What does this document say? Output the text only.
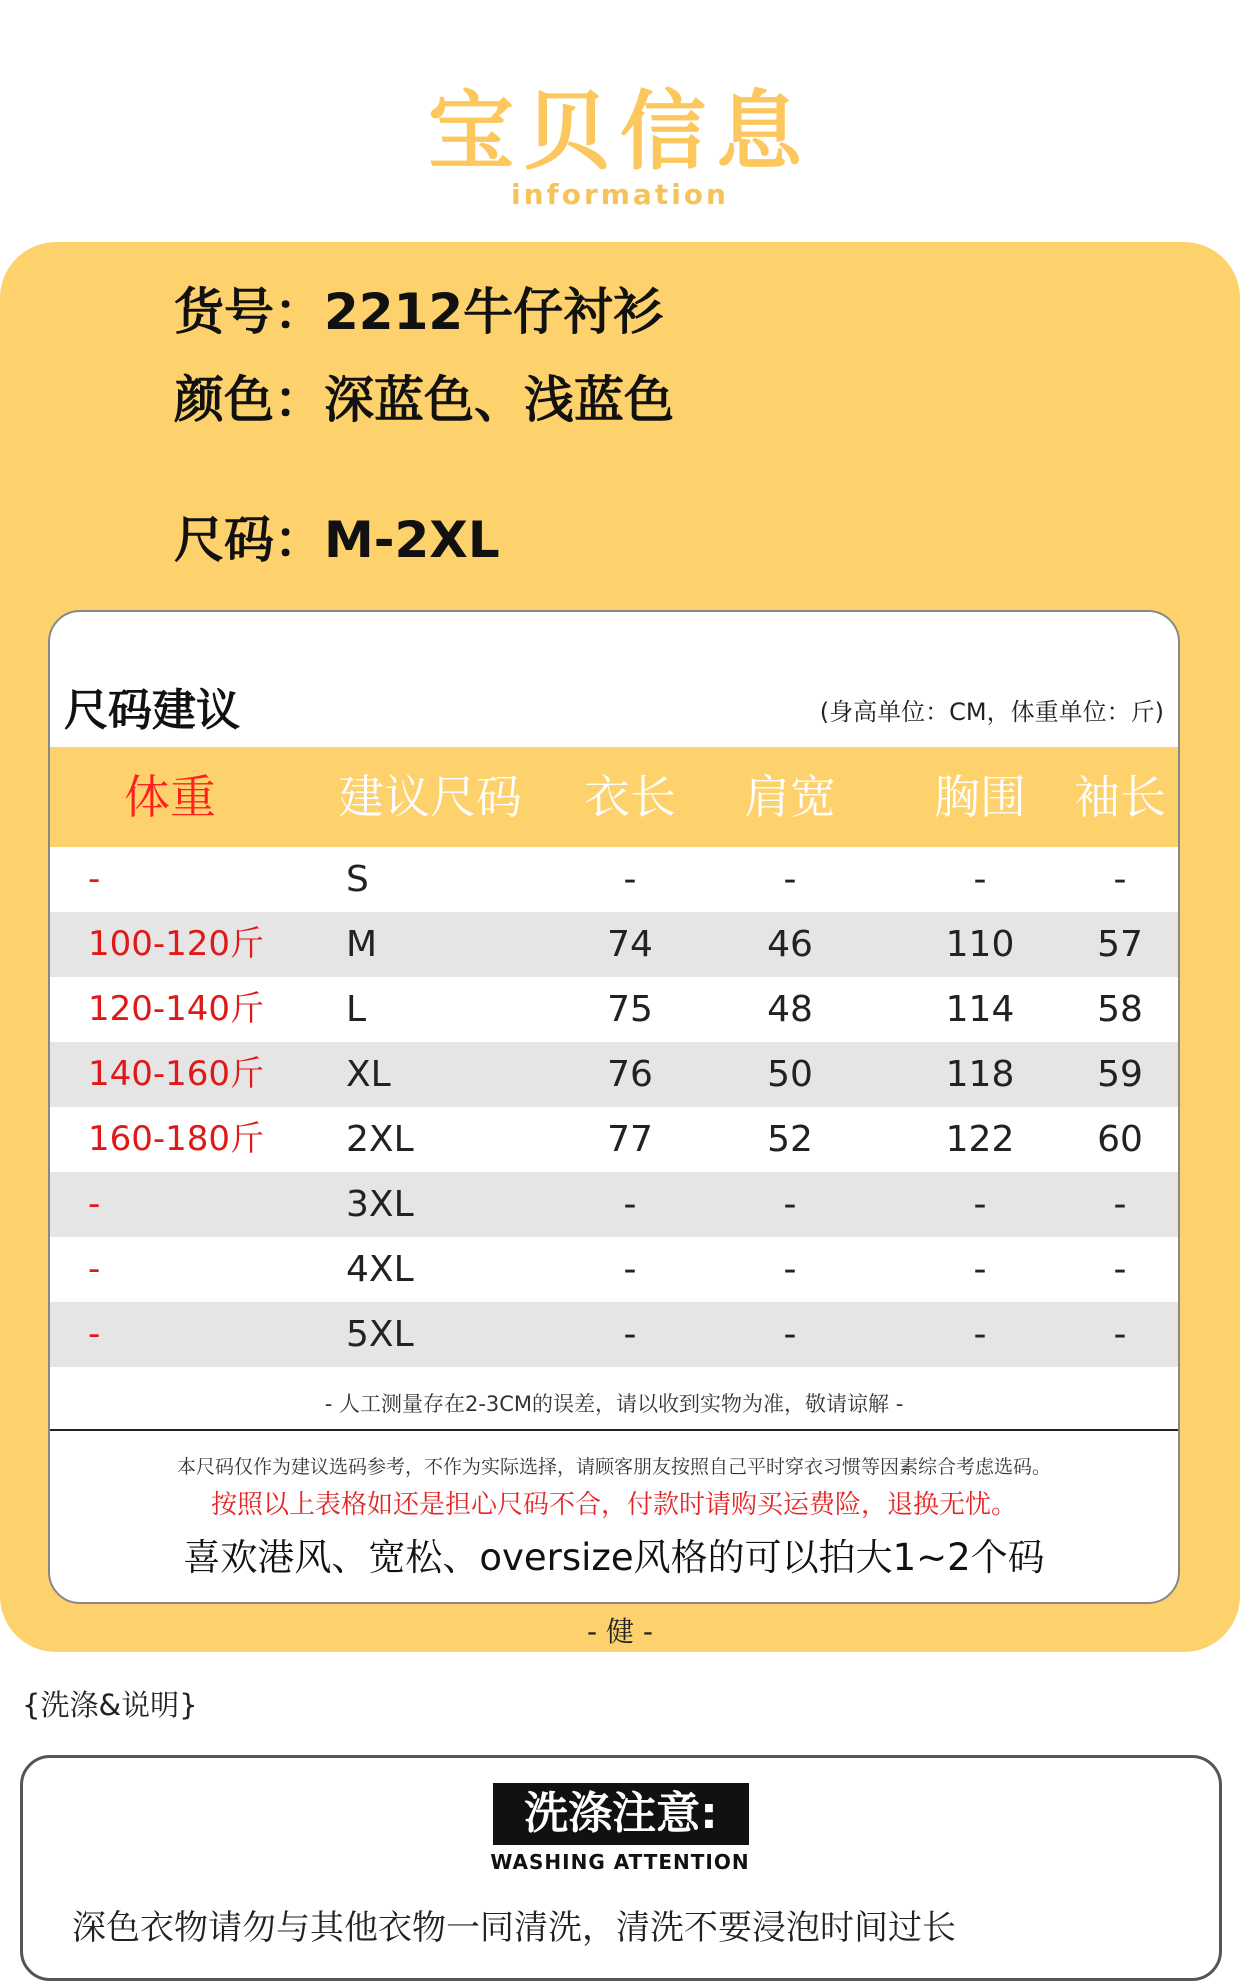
宝贝信息
information
货号：2212牛仔衬衫
颜色：深蓝色、浅蓝色
尺码：M-2XL
尺码建议	(身高单位：CM，体重单位：斤)
体重	建议尺码	衣长	肩宽	胸围	袖长
-	S	-	-	-	-
100-120斤	M	74	46	110	57
120-140斤	L	75	48	114	58
140-160斤	XL	76	50	118	59
160-180斤	2XL	77	52	122	60
-	3XL	-	-	-	-
-	4XL	-	-	-	-
-	5XL	-	-	-	-
- 人工测量存在2-3CM的误差，请以收到实物为准，敬请谅解 -
本尺码仅作为建议选码参考，不作为实际选择，请顾客朋友按照自己平时穿衣习惯等因素综合考虑选码。
按照以上表格如还是担心尺码不合，付款时请购买运费险，退换无忧。
喜欢港风、宽松、oversize风格的可以拍大1~2个码
- 健 -
{洗涤&说明}
洗涤注意:
WASHING ATTENTION
深色衣物请勿与其他衣物一同清洗，清洗不要浸泡时间过长
